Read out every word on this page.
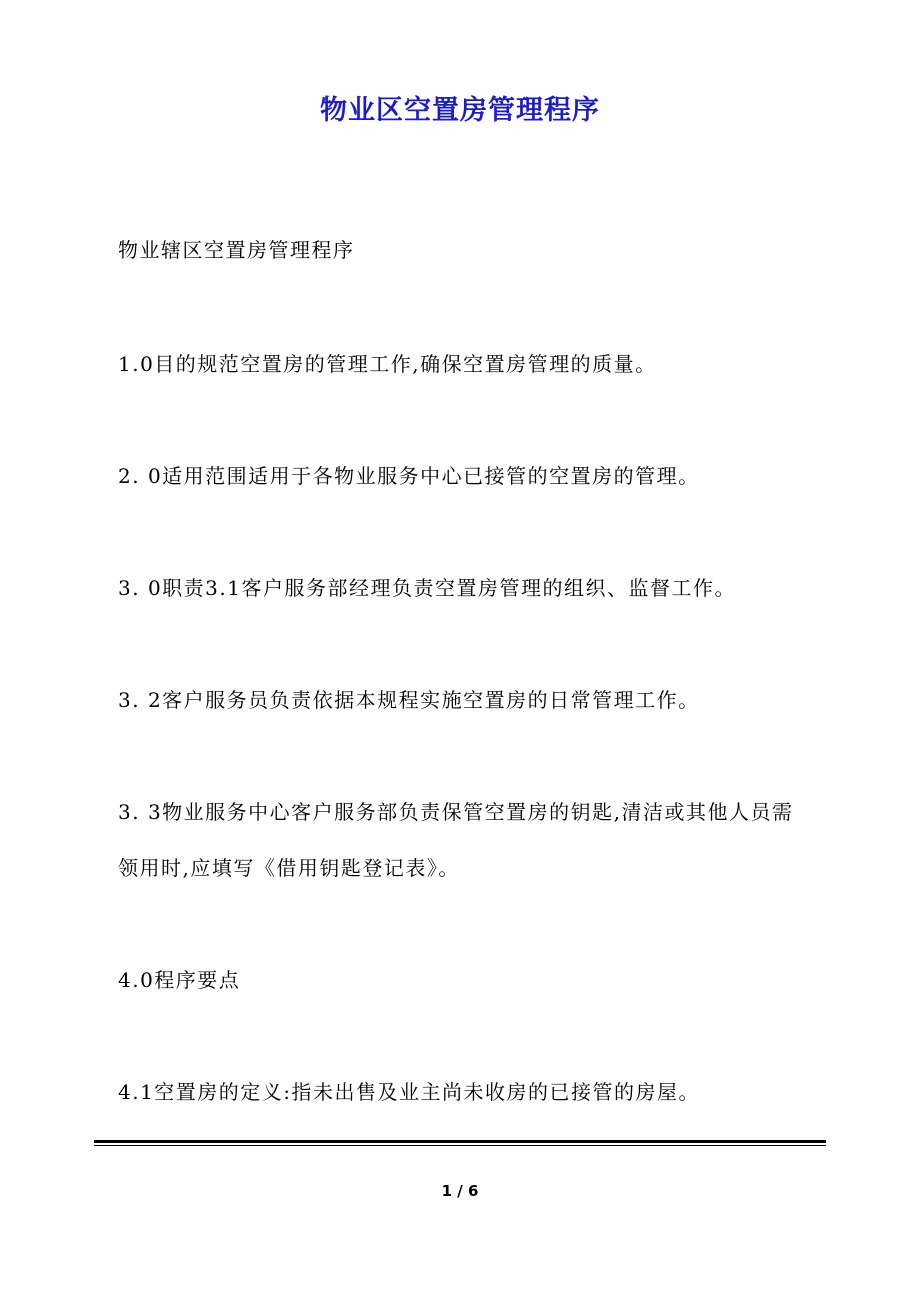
物业区空置房管理程序

物业辖区空置房管理程序

1.0目的规范空置房的管理工作,确保空置房管理的质量。

2. 0适用范围适用于各物业服务中心已接管的空置房的管理。

3. 0职责3.1客户服务部经理负责空置房管理的组织、监督工作。

3. 2客户服务员负责依据本规程实施空置房的日常管理工作。

3. 3物业服务中心客户服务部负责保管空置房的钥匙,清洁或其他人员需

领用时,应填写《借用钥匙登记表》。

4.0程序要点

4.1空置房的定义:指未出售及业主尚未收房的已接管的房屋。

1 / 6
